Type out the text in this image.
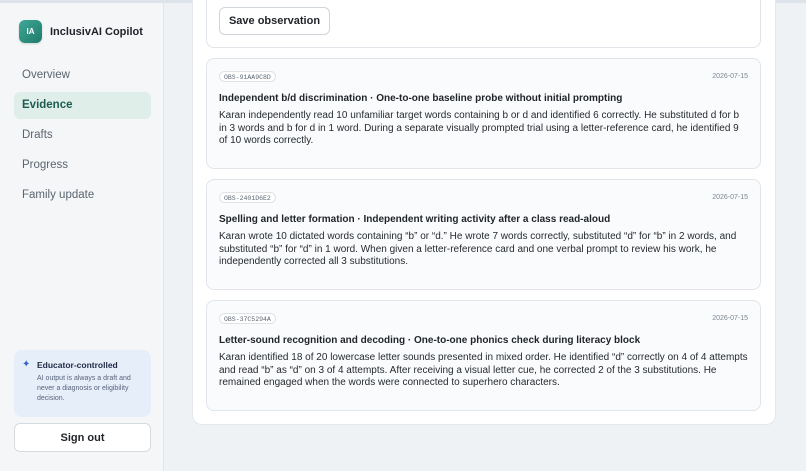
IA	InclusivAI Copilot
Overview
Evidence
Drafts
Progress
Family update
✦ Educator-controlled
AI output is always a draft and never a diagnosis or eligibility decision.
Sign out
Save observation
OBS-91AA9C8D	2026-07-15
Independent b/d discrimination · One-to-one baseline probe without initial prompting
Karan independently read 10 unfamiliar target words containing b or d and identified 6 correctly. He substituted d for b in 3 words and b for d in 1 word. During a separate visually prompted trial using a letter-reference card, he identified 9 of 10 words correctly.
OBS-2401D6E2	2026-07-15
Spelling and letter formation · Independent writing activity after a class read-aloud
Karan wrote 10 dictated words containing “b” or “d.” He wrote 7 words correctly, substituted “d” for “b” in 2 words, and substituted “b” for “d” in 1 word. When given a letter-reference card and one verbal prompt to review his work, he independently corrected all 3 substitutions.
OBS-37C5294A	2026-07-15
Letter-sound recognition and decoding · One-to-one phonics check during literacy block
Karan identified 18 of 20 lowercase letter sounds presented in mixed order. He identified “d” correctly on 4 of 4 attempts and read “b” as “d” on 3 of 4 attempts. After receiving a visual letter cue, he corrected 2 of the 3 substitutions. He remained engaged when the words were connected to superhero characters.
